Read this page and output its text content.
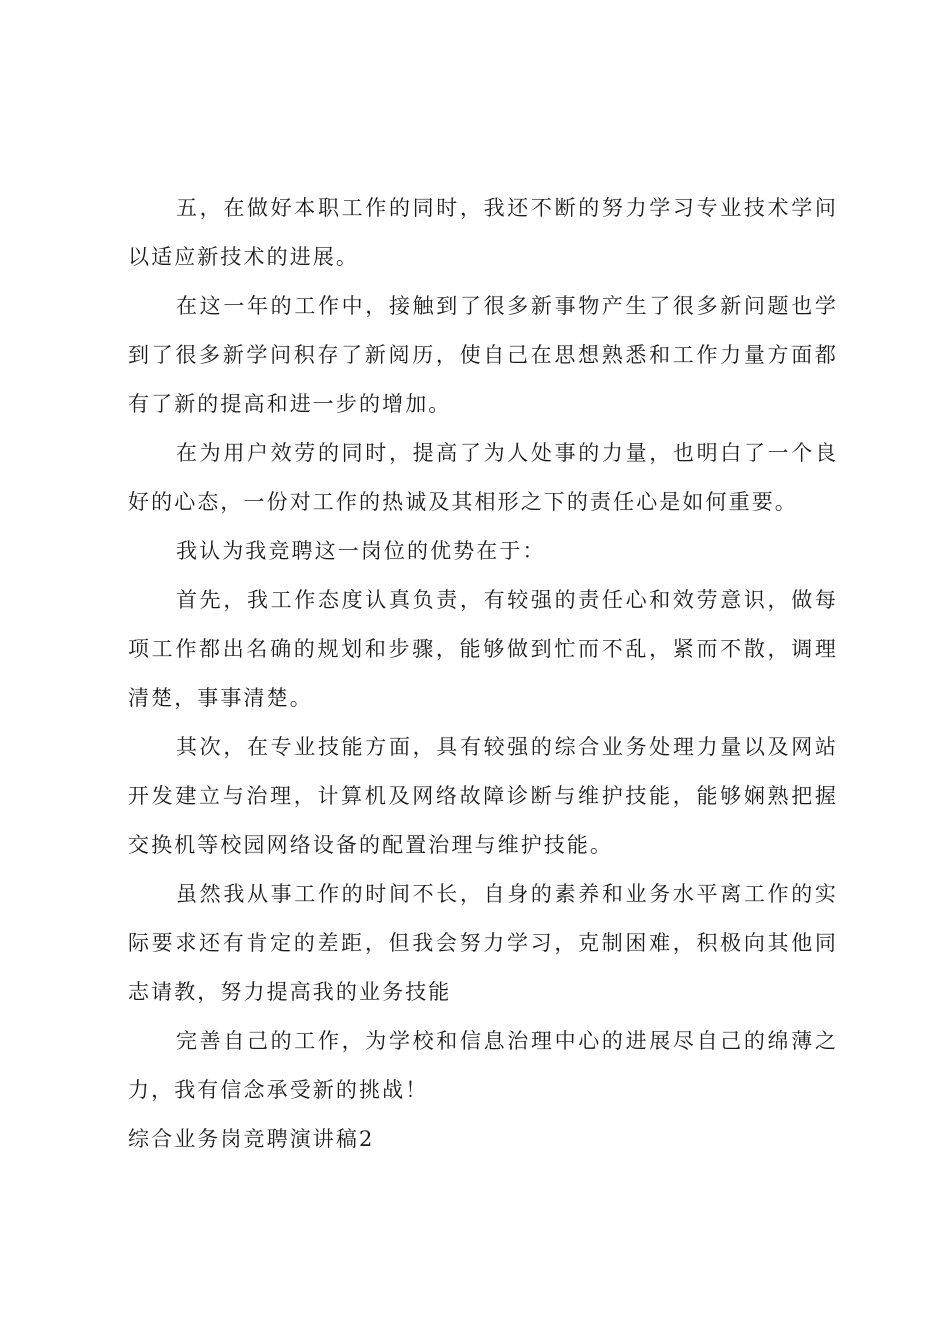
五，在做好本职工作的同时，我还不断的努力学习专业技术学问以适应新技术的进展。

在这一年的工作中，接触到了很多新事物产生了很多新问题也学到了很多新学问积存了新阅历，使自己在思想熟悉和工作力量方面都有了新的提高和进一步的增加。

在为用户效劳的同时，提高了为人处事的力量，也明白了一个良好的心态，一份对工作的热诚及其相形之下的责任心是如何重要。

我认为我竞聘这一岗位的优势在于：

首先，我工作态度认真负责，有较强的责任心和效劳意识，做每项工作都出名确的规划和步骤，能够做到忙而不乱，紧而不散，调理清楚，事事清楚。

其次，在专业技能方面，具有较强的综合业务处理力量以及网站开发建立与治理，计算机及网络故障诊断与维护技能，能够娴熟把握交换机等校园网络设备的配置治理与维护技能。

虽然我从事工作的时间不长，自身的素养和业务水平离工作的实际要求还有肯定的差距，但我会努力学习，克制困难，积极向其他同志请教，努力提高我的业务技能

完善自己的工作，为学校和信息治理中心的进展尽自己的绵薄之力，我有信念承受新的挑战！

综合业务岗竞聘演讲稿2
